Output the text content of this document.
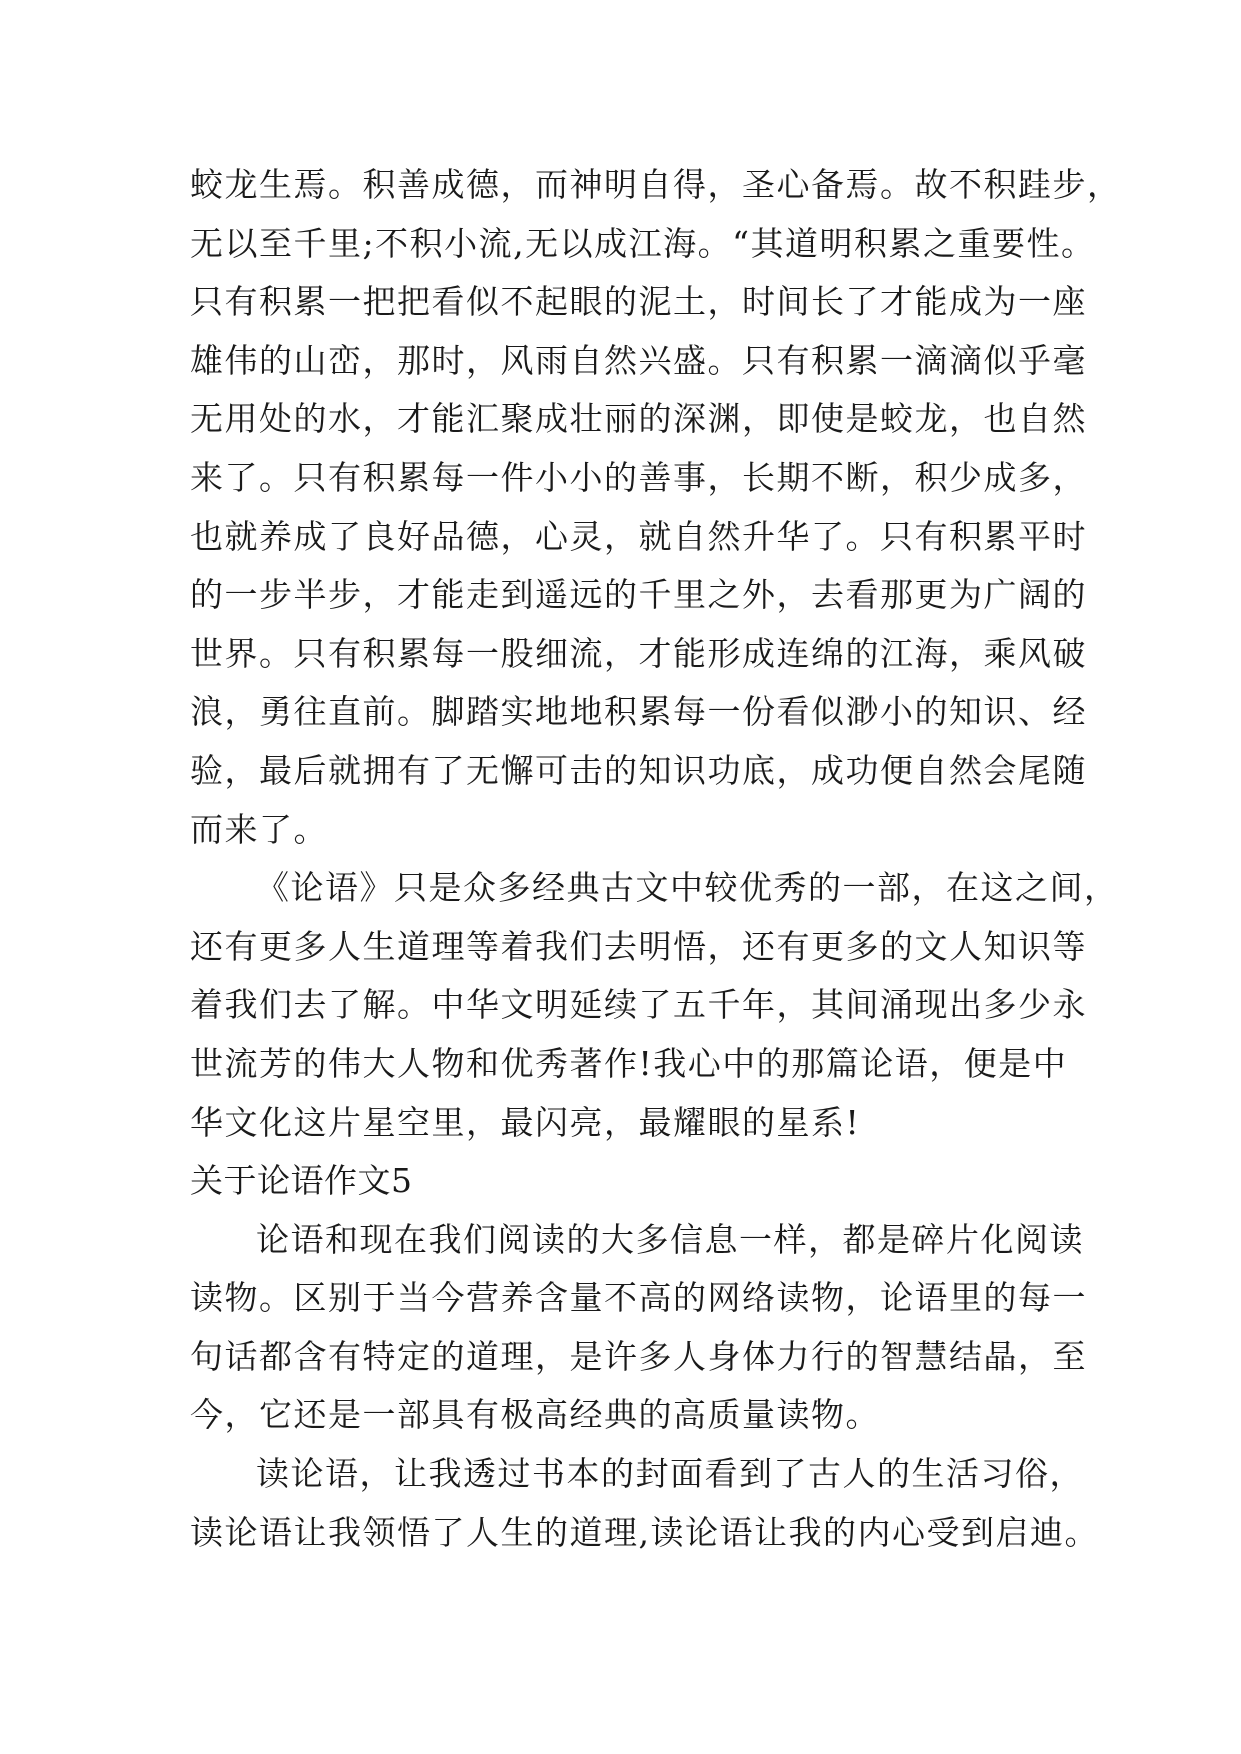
蛟龙生焉。积善成德，而神明自得，圣心备焉。故不积跬步，
无以至千里;不积小流,无以成江海。“其道明积累之重要性。
只有积累一把把看似不起眼的泥土，时间长了才能成为一座
雄伟的山峦，那时，风雨自然兴盛。只有积累一滴滴似乎毫
无用处的水，才能汇聚成壮丽的深渊，即使是蛟龙，也自然
来了。只有积累每一件小小的善事，长期不断，积少成多，
也就养成了良好品德，心灵，就自然升华了。只有积累平时
的一步半步，才能走到遥远的千里之外，去看那更为广阔的
世界。只有积累每一股细流，才能形成连绵的江海，乘风破
浪，勇往直前。脚踏实地地积累每一份看似渺小的知识、经
验，最后就拥有了无懈可击的知识功底，成功便自然会尾随
而来了。
《论语》只是众多经典古文中较优秀的一部，在这之间，
还有更多人生道理等着我们去明悟，还有更多的文人知识等
着我们去了解。中华文明延续了五千年，其间涌现出多少永
世流芳的伟大人物和优秀著作!我心中的那篇论语，便是中
华文化这片星空里，最闪亮，最耀眼的星系!
关于论语作文5
论语和现在我们阅读的大多信息一样，都是碎片化阅读
读物。区别于当今营养含量不高的网络读物，论语里的每一
句话都含有特定的道理，是许多人身体力行的智慧结晶，至
今，它还是一部具有极高经典的高质量读物。
读论语，让我透过书本的封面看到了古人的生活习俗，
读论语让我领悟了人生的道理,读论语让我的内心受到启迪。
